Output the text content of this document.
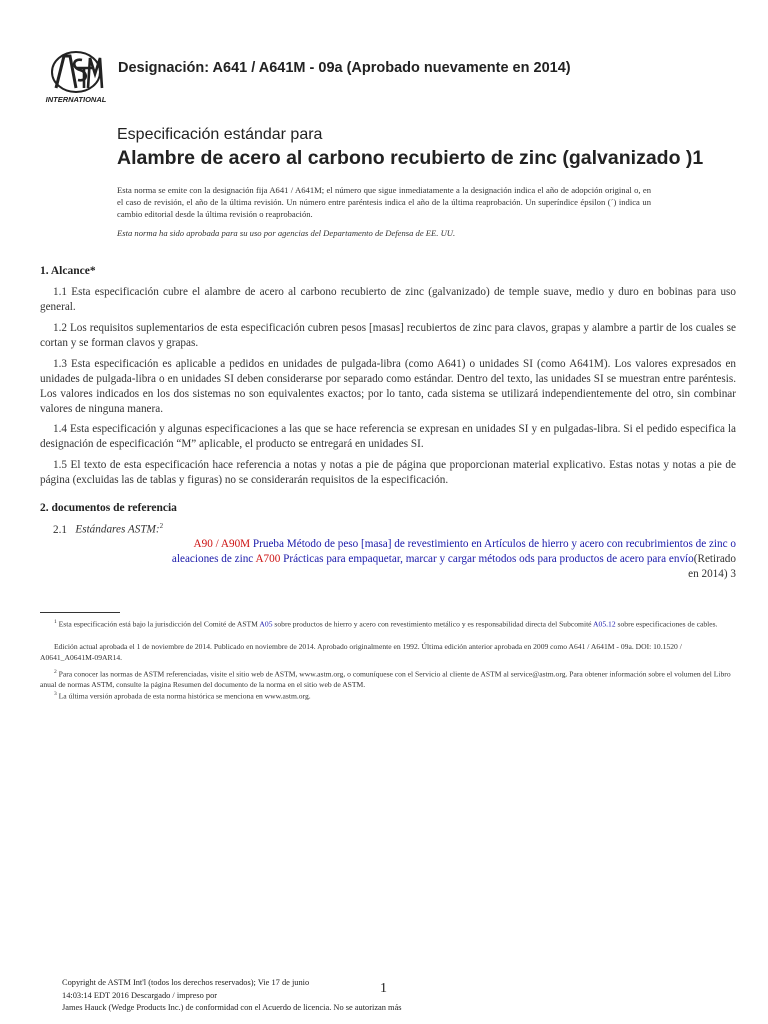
INTERNATIONAL
Designación: A641 / A641M - 09a (Aprobado nuevamente en 2014)
Especificación estándar para
Alambre de acero al carbono recubierto de zinc (galvanizado )1
Esta norma se emite con la designación fija A641 / A641M; el número que sigue inmediatamente a la designación indica el año de adopción original o, en el caso de revisión, el año de la última revisión. Un número entre paréntesis indica el año de la última reaprobación. Un superíndice épsilon (´) indica un cambio editorial desde la última revisión o reaprobación.
Esta norma ha sido aprobada para su uso por agencias del Departamento de Defensa de EE. UU.
1. Alcance*
1.1 Esta especificación cubre el alambre de acero al carbono recubierto de zinc (galvanizado) de temple suave, medio y duro en bobinas para uso general.
1.2 Los requisitos suplementarios de esta especificación cubren pesos [masas] recubiertos de zinc para clavos, grapas y alambre a partir de los cuales se cortan y se forman clavos y grapas.
1.3 Esta especificación es aplicable a pedidos en unidades de pulgada-libra (como A641) o unidades SI (como A641M). Los valores expresados en unidades de pulgada-libra o en unidades SI deben considerarse por separado como estándar. Dentro del texto, las unidades SI se muestran entre paréntesis. Los valores indicados en los dos sistemas no son equivalentes exactos; por lo tanto, cada sistema se utilizará independientemente del otro, sin combinar valores de ninguna manera.
1.4 Esta especificación y algunas especificaciones a las que se hace referencia se expresan en unidades SI y en pulgadas-libra. Si el pedido especifica la designación de especificación “M” aplicable, el producto se entregará en unidades SI.
1.5 El texto de esta especificación hace referencia a notas y notas a pie de página que proporcionan material explicativo. Estas notas y notas a pie de página (excluidas las de tablas y figuras) no se considerarán requisitos de la especificación.
2. documentos de referencia
2.1 Estándares ASTM:$^2$
A90 / A90M Prueba Método de peso [masa] de revestimiento en Artículos de hierro y acero con recubrimientos de zinc o aleaciones de zinc A700 Prácticas para empaquetar, marcar y cargar métodos ods para productos de acero para envío(Retirado en 2014) 3
$^1$ Esta especificación está bajo la jurisdicción del Comité de ASTM A05 sobre productos de hierro y acero con revestimiento metálico y es responsabilidad directa del Subcomité A05.12 sobre especificaciones de cables.
Edición actual aprobada el 1 de noviembre de 2014. Publicado en noviembre de 2014. Aprobado originalmente en 1992. Última edición anterior aprobada en 2009 como A641 / A641M - 09a. DOI: 10.1520 / A0641_A0641M-09AR14.
$^2$ Para conocer las normas de ASTM referenciadas, visite el sitio web de ASTM, www.astm.org, o comuníquese con el Servicio al cliente de ASTM al service@astm.org. Para obtener información sobre el volumen del Libro anual de normas ASTM, consulte la página Resumen del documento de la norma en el sitio web de ASTM.
$^3$ La última versión aprobada de esta norma histórica se menciona en www.astm.org.
Copyright de ASTM Int'l (todos los derechos reservados); Vie 17 de junio
14:03:14 EDT 2016 Descargado / impreso por
James Hauck (Wedge Products Inc.) de conformidad con el Acuerdo de licencia. No se autorizan más
1
